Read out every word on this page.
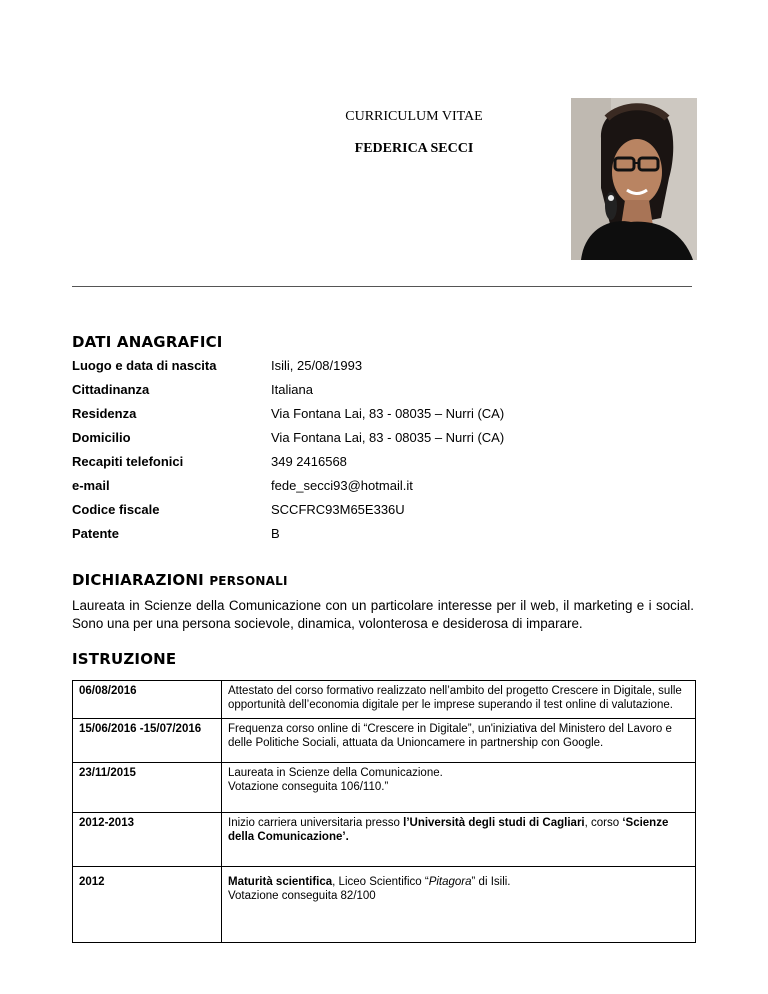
CURRICULUM VITAE
FEDERICA SECCI
DATI ANAGRAFICI
Luogo e data di nascita	Isili, 25/08/1993
Cittadinanza	Italiana
Residenza	Via Fontana Lai, 83 - 08035 – Nurri (CA)
Domicilio	Via Fontana Lai, 83 - 08035 – Nurri (CA)
Recapiti telefonici	349 2416568
e-mail	fede_secci93@hotmail.it
Codice fiscale	SCCFRC93M65E336U
Patente	B
DICHIARAZIONI PERSONALI
Laureata in Scienze della Comunicazione con un particolare interesse per il web, il marketing e i social. Sono una per una persona socievole, dinamica, volonterosa e desiderosa di imparare.
ISTRUZIONE
06/08/2016	Attestato del corso formativo realizzato nell’ambito del progetto Crescere in Digitale, sulle opportunità dell’economia digitale per le imprese superando il test online di valutazione.
15/06/2016 -15/07/2016	Frequenza corso online di “Crescere in Digitale”, un'iniziativa del Ministero del Lavoro e delle Politiche Sociali, attuata da Unioncamere in partnership con Google.
23/11/2015	Laureata in Scienze della Comunicazione.
Votazione conseguita 106/110.”
2012-2013	Inizio carriera universitaria presso l’Università degli studi di Cagliari, corso ‘Scienze della Comunicazione’.
2012	Maturità scientifica, Liceo Scientifico “Pitagora” di Isili.
Votazione conseguita 82/100
